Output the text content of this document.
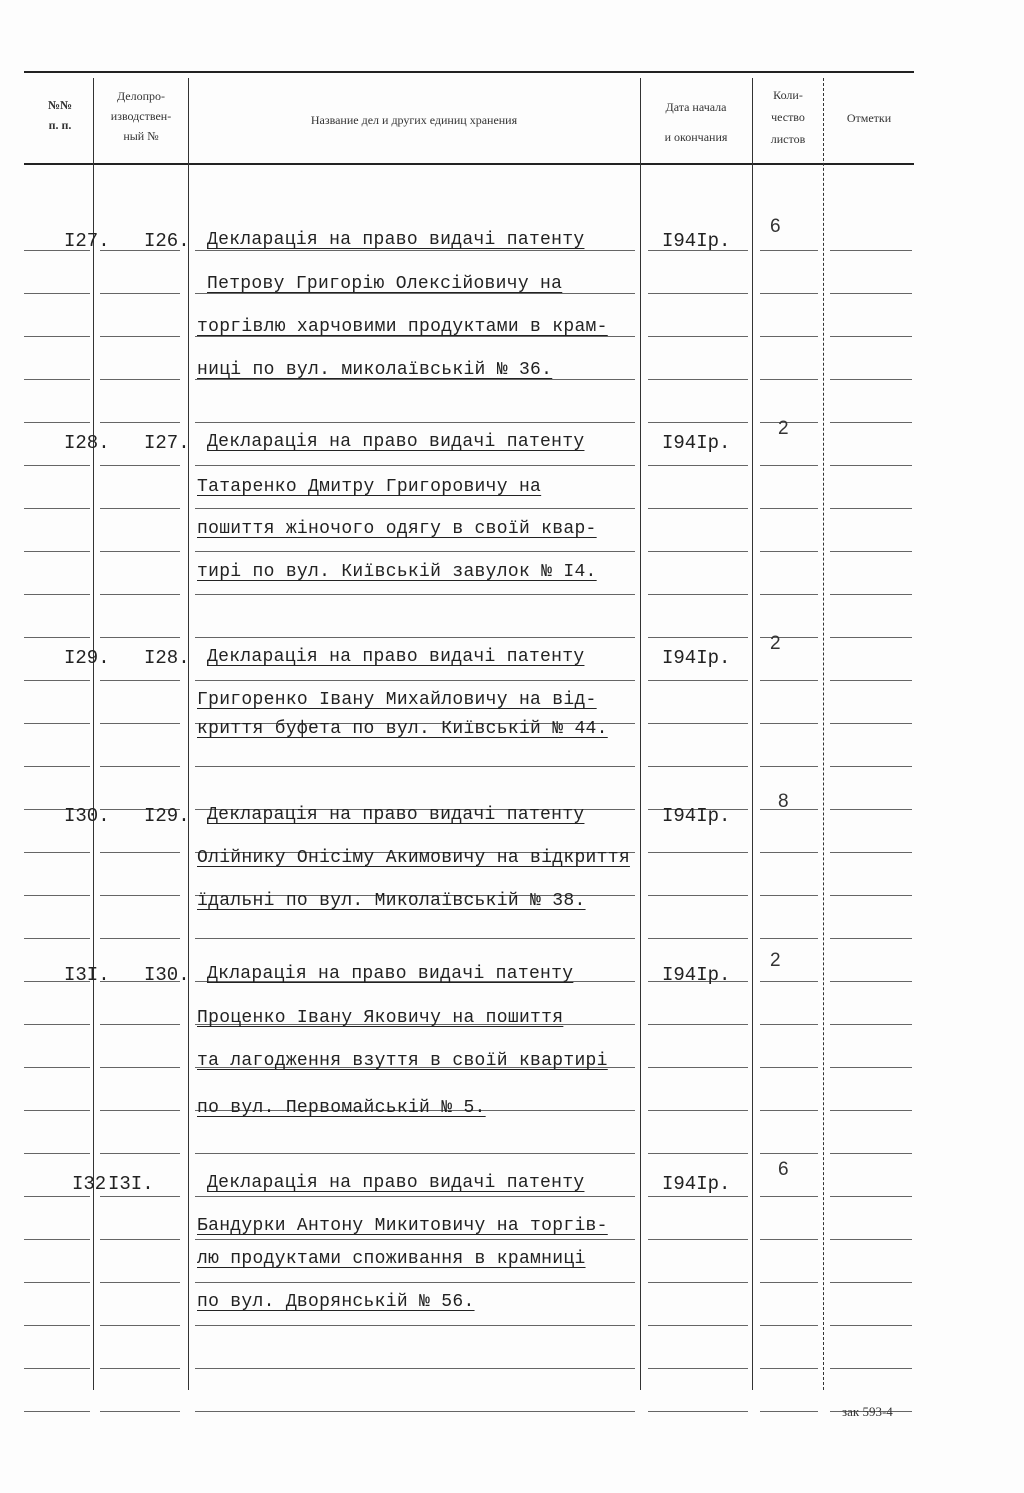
№№
п. п.
Делопро-
изводствен-
ный №
Название дел и других единиц хранения
Дата начала
и окончания
Коли-
чество
листов
Отметки
I27. I26. Декларація на право видачі патенту
Петрову Григорію Олексійовичу на
торгівлю харчовими продуктами в крам-
ниці по вул. миколаївській № 36.
I94Iр.
6
I28. I27. Декларація на право видачі патенту
Татаренко Дмитру Григоровичу на
пошиття жіночого одягу в своїй квар-
тирі по вул. Київській завулок № I4.
I94Iр.
2
I29. I28. Декларація на право видачі патенту
Григоренко Івану Михайловичу на від-
криття буфета по вул. Київській № 44.
I94Iр.
2
I30. I29. Декларація на право видачі патенту
Олійнику Онісіму Акимовичу на відкриття
їдальні по вул. Миколаївській № 38.
I94Iр.
8
I3I. I30. Дкларація на право видачі патенту
Проценко Івану Яковичу на пошиття
та лагодження взуття в своїй квартирі
по вул. Первомайській № 5.
I94Iр.
2
I32 I3I.	Декларація на право видачі патенту
Бандурки Антону Микитовичу на торгів-
лю продуктами споживання в крамниці
по вул. Дворянській № 56.
I94Iр.
6
зак 593-4
